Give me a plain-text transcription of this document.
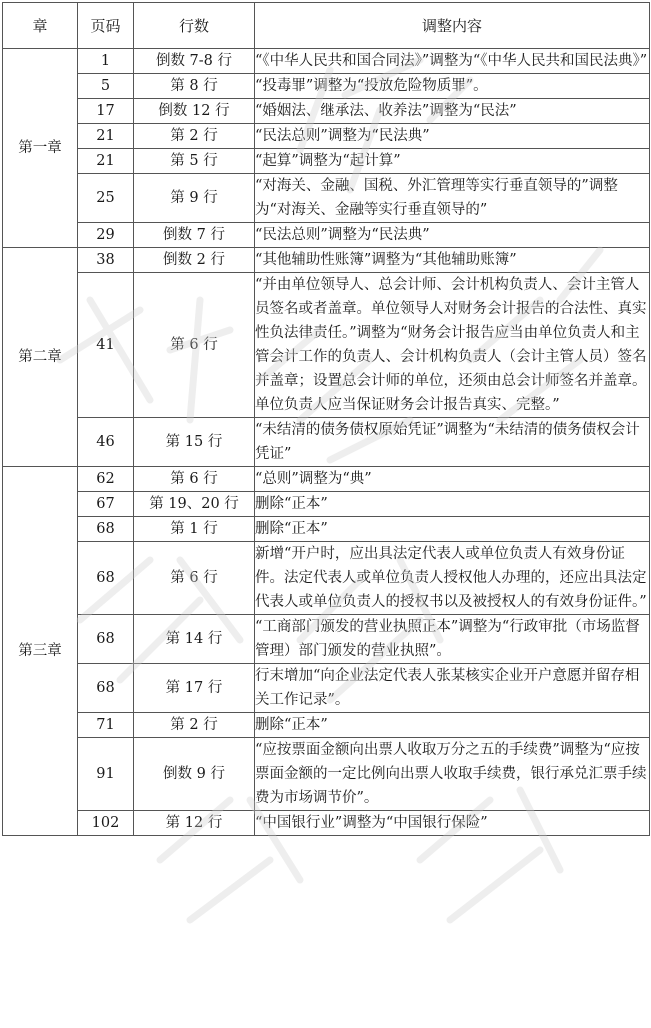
章	页码	行数	调整内容
第一章	1	倒数 7-8 行	“《中华人民共和国合同法》”调整为“《中华人民共和国民法典》”
	5	第 8 行	“投毒罪”调整为“投放危险物质罪”。
	17	倒数 12 行	“婚姻法、继承法、收养法”调整为“民法”
	21	第 2 行	“民法总则”调整为“民法典”
	21	第 5 行	“起算”调整为“起计算”
	25	第 9 行	“对海关、金融、国税、外汇管理等实行垂直领导的”调整为“对海关、金融等实行垂直领导的”
	29	倒数 7 行	“民法总则”调整为“民法典”
第二章	38	倒数 2 行	“其他辅助性账簿”调整为“其他辅助账簿”
	41	第 6 行	“并由单位领导人、总会计师、会计机构负责人、会计主管人员签名或者盖章。单位领导人对财务会计报告的合法性、真实性负法律责任。”调整为“财务会计报告应当由单位负责人和主管会计工作的负责人、会计机构负责人（会计主管人员）签名并盖章；设置总会计师的单位，还须由总会计师签名并盖章。单位负责人应当保证财务会计报告真实、完整。”
	46	第 15 行	“未结清的债务债权原始凭证”调整为“未结清的债务债权会计凭证”
第三章	62	第 6 行	“总则”调整为“典”
	67	第 19、20 行	删除“正本”
	68	第 1 行	删除“正本”
	68	第 6 行	新增“开户时，应出具法定代表人或单位负责人有效身份证件。法定代表人或单位负责人授权他人办理的，还应出具法定代表人或单位负责人的授权书以及被授权人的有效身份证件。”
	68	第 14 行	“工商部门颁发的营业执照正本”调整为“行政审批（市场监督管理）部门颁发的营业执照”。
	68	第 17 行	行末增加“向企业法定代表人张某核实企业开户意愿并留存相关工作记录”。
	71	第 2 行	删除“正本”
	91	倒数 9 行	“应按票面金额向出票人收取万分之五的手续费”调整为“应按票面金额的一定比例向出票人收取手续费，银行承兑汇票手续费为市场调节价”。
	102	第 12 行	“中国银行业”调整为“中国银行保险”
